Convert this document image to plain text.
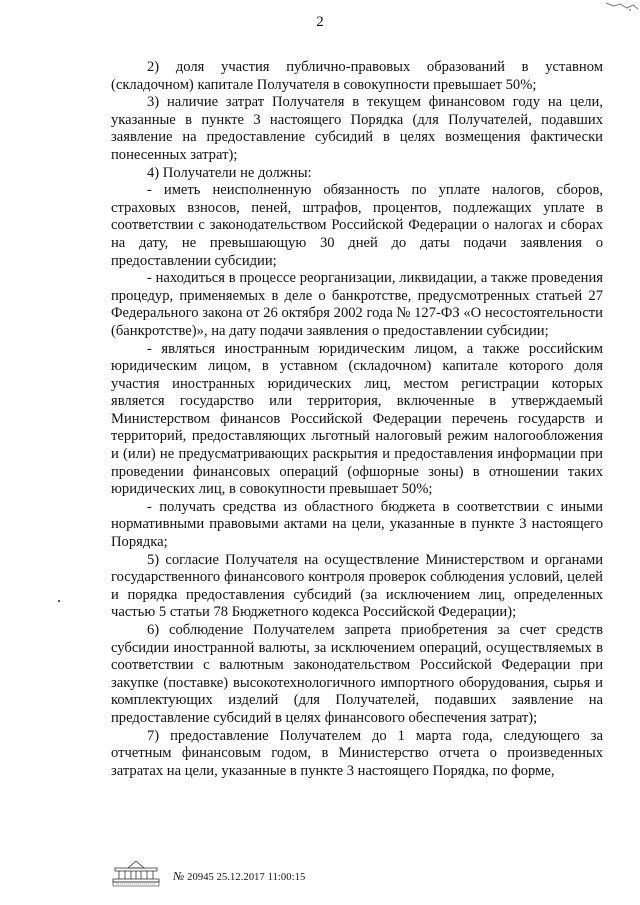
2

2) доля участия публично-правовых образований в уставном (складочном) капитале Получателя в совокупности превышает 50%;

3) наличие затрат Получателя в текущем финансовом году на цели, указанные в пункте 3 настоящего Порядка (для Получателей, подавших заявление на предоставление субсидий в целях возмещения фактически понесенных затрат);

4) Получатели не должны:

- иметь неисполненную обязанность по уплате налогов, сборов, страховых взносов, пеней, штрафов, процентов, подлежащих уплате в соответствии с законодательством Российской Федерации о налогах и сборах на дату, не превышающую 30 дней до даты подачи заявления о предоставлении субсидии;

- находиться в процессе реорганизации, ликвидации, а также проведения процедур, применяемых в деле о банкротстве, предусмотренных статьей 27 Федерального закона от 26 октября 2002 года № 127-ФЗ «О несостоятельности (банкротстве)», на дату подачи заявления о предоставлении субсидии;

- являться иностранным юридическим лицом, а также российским юридическим лицом, в уставном (складочном) капитале которого доля участия иностранных юридических лиц, местом регистрации которых является государство или территория, включенные в утверждаемый Министерством финансов Российской Федерации перечень государств и территорий, предоставляющих льготный налоговый режим налогообложения и (или) не предусматривающих раскрытия и предоставления информации при проведении финансовых операций (офшорные зоны) в отношении таких юридических лиц, в совокупности превышает 50%;

- получать средства из областного бюджета в соответствии с иными нормативными правовыми актами на цели, указанные в пункте 3 настоящего Порядка;

5) согласие Получателя на осуществление Министерством и органами государственного финансового контроля проверок соблюдения условий, целей и порядка предоставления субсидий (за исключением лиц, определенных частью 5 статьи 78 Бюджетного кодекса Российской Федерации);

6) соблюдение Получателем запрета приобретения за счет средств субсидии иностранной валюты, за исключением операций, осуществляемых в соответствии с валютным законодательством Российской Федерации при закупке (поставке) высокотехнологичного импортного оборудования, сырья и комплектующих изделий (для Получателей, подавших заявление на предоставление субсидий в целях финансового обеспечения затрат);

7) предоставление Получателем до 1 марта года, следующего за отчетным финансовым годом, в Министерство отчета о произведенных затратах на цели, указанные в пункте 3 настоящего Порядка, по форме,

№ 20945 25.12.2017 11:00:15
